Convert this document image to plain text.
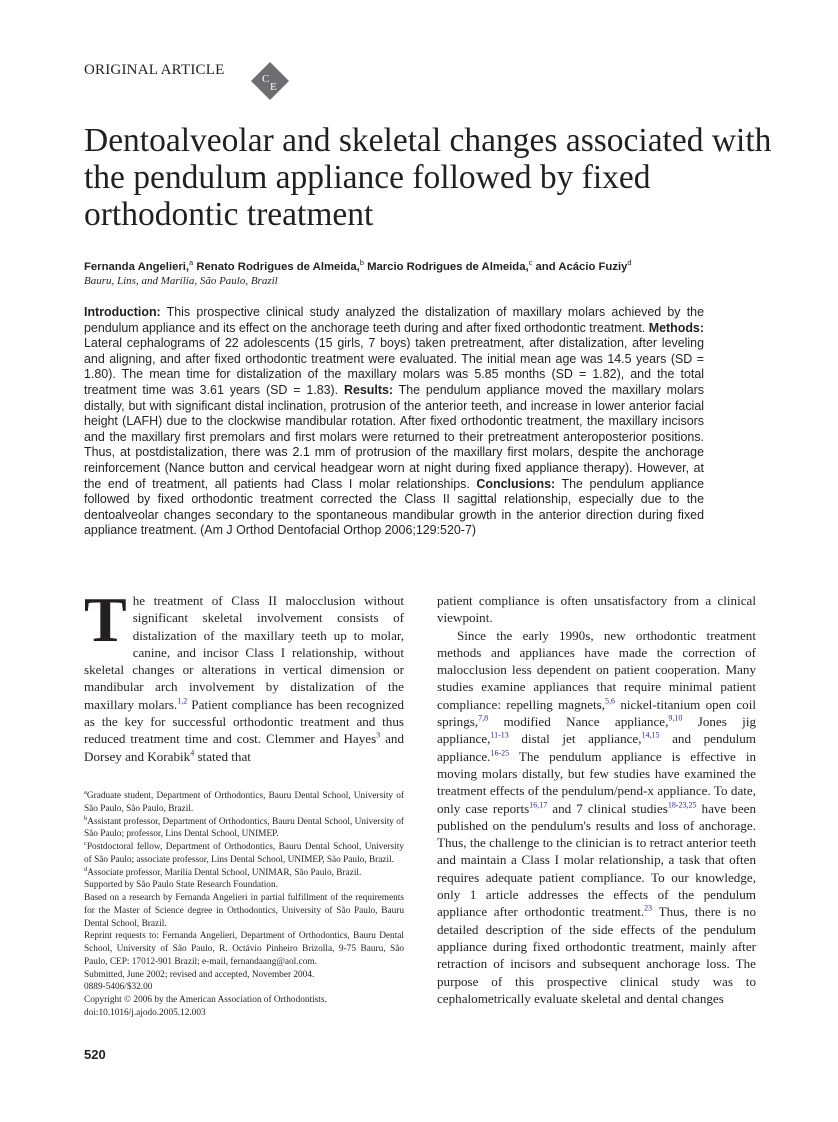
ORIGINAL ARTICLE
C
E
Dentoalveolar and skeletal changes associated with the pendulum appliance followed by fixed orthodontic treatment
Fernanda Angelieri,$^a$ Renato Rodrigues de Almeida,$^b$ Marcio Rodrigues de Almeida,$^c$ and Acácio Fuziy$^d$
Bauru, Lins, and Marília, São Paulo, Brazil
Introduction: This prospective clinical study analyzed the distalization of maxillary molars achieved by the pendulum appliance and its effect on the anchorage teeth during and after fixed orthodontic treatment. Methods: Lateral cephalograms of 22 adolescents (15 girls, 7 boys) taken pretreatment, after distalization, after leveling and aligning, and after fixed orthodontic treatment were evaluated. The initial mean age was 14.5 years (SD = 1.80). The mean time for distalization of the maxillary molars was 5.85 months (SD = 1.82), and the total treatment time was 3.61 years (SD = 1.83). Results: The pendulum appliance moved the maxillary molars distally, but with significant distal inclination, protrusion of the anterior teeth, and increase in lower anterior facial height (LAFH) due to the clockwise mandibular rotation. After fixed orthodontic treatment, the maxillary incisors and the maxillary first premolars and first molars were returned to their pretreatment anteroposterior positions. Thus, at postdistalization, there was 2.1 mm of protrusion of the maxillary first molars, despite the anchorage reinforcement (Nance button and cervical headgear worn at night during fixed appliance therapy). However, at the end of treatment, all patients had Class I molar relationships. Conclusions: The pendulum appliance followed by fixed orthodontic treatment corrected the Class II sagittal relationship, especially due to the dentoalveolar changes secondary to the spontaneous mandibular growth in the anterior direction during fixed appliance treatment. (Am J Orthod Dentofacial Orthop 2006;129:520-7)

The treatment of Class II malocclusion without significant skeletal involvement consists of distalization of the maxillary teeth up to molar, canine, and incisor Class I relationship, without skeletal changes or alterations in vertical dimension or mandibular arch involvement by distalization of the maxillary molars.$^{1,2}$ Patient compliance has been recognized as the key for successful orthodontic treatment and thus reduced treatment time and cost. Clemmer and Hayes$^3$ and Dorsey and Korabik$^4$ stated that

patient compliance is often unsatisfactory from a clinical viewpoint.

Since the early 1990s, new orthodontic treatment methods and appliances have made the correction of malocclusion less dependent on patient cooperation. Many studies examine appliances that require minimal patient compliance: repelling magnets,$^{5,6}$ nickel-titanium open coil springs,$^{7,8}$ modified Nance appliance,$^{9,10}$ Jones jig appliance,$^{11-13}$ distal jet appliance,$^{14,15}$ and pendulum appliance.$^{16-25}$ The pendulum appliance is effective in moving molars distally, but few studies have examined the treatment effects of the pendulum/pend-x appliance. To date, only case reports$^{16,17}$ and 7 clinical studies$^{18-23,25}$ have been published on the pendulum's results and loss of anchorage. Thus, the challenge to the clinician is to retract anterior teeth and maintain a Class I molar relationship, a task that often requires adequate patient compliance. To our knowledge, only 1 article addresses the effects of the pendulum appliance after orthodontic treatment.$^{23}$ Thus, there is no detailed description of the side effects of the pendulum appliance during fixed orthodontic treatment, mainly after retraction of incisors and subsequent anchorage loss. The purpose of this prospective clinical study was to cephalometrically evaluate skeletal and dental changes

$^a$Graduate student, Department of Orthodontics, Bauru Dental School, University of São Paulo, São Paulo, Brazil.

$^b$Assistant professor, Department of Orthodontics, Bauru Dental School, University of São Paulo; professor, Lins Dental School, UNIMEP.

$^c$Postdoctoral fellow, Department of Orthodontics, Bauru Dental School, University of São Paulo; associate professor, Lins Dental School, UNIMEP, São Paulo, Brazil.

$^d$Associate professor, Marilia Dental School, UNIMAR, São Paulo, Brazil.

Supported by São Paulo State Research Foundation.

Based on a research by Fernanda Angelieri in partial fulfillment of the requirements for the Master of Science degree in Orthodontics, University of São Paulo, Bauru Dental School, Brazil.

Reprint requests to: Fernanda Angelieri, Department of Orthodontics, Bauru Dental School, University of São Paulo, R. Octávio Pinheiro Brizolla, 9-75 Bauru, São Paulo, CEP: 17012-901 Brazil; e-mail, fernandaang@aol.com.

Submitted, June 2002; revised and accepted, November 2004.

0889-5406/$32.00

Copyright © 2006 by the American Association of Orthodontists.

doi:10.1016/j.ajodo.2005.12.003

520
